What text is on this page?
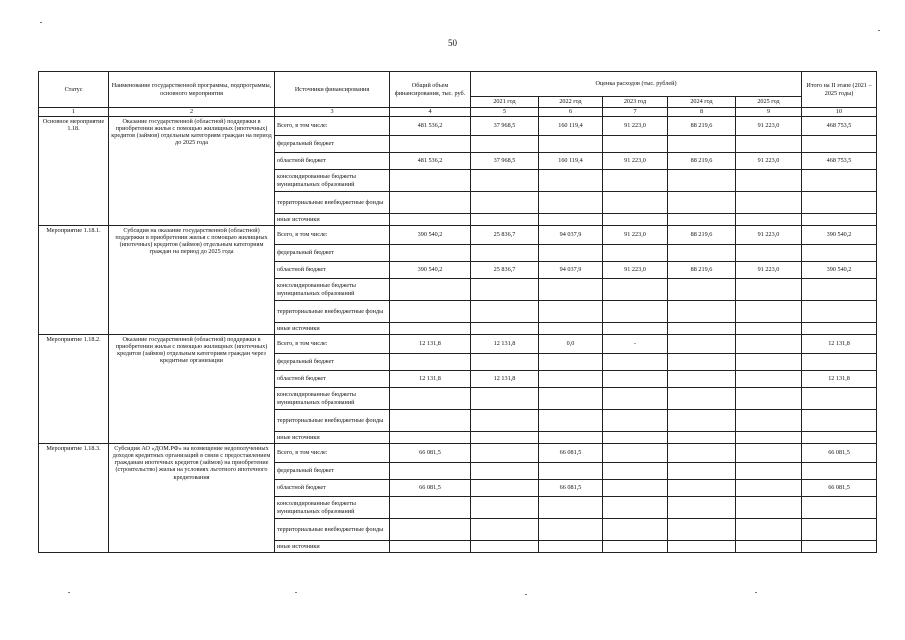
50
Статус	Наименование государственной программы, подпрограммы, основного мероприятия	Источники финансирования	Общий объем финансирования, тыс. руб.	Оценка расходов (тыс. рублей)					Итого на II этапе (2021 – 2025 годы)
				2021 год	2022 год	2023 год	2024 год	2025 год	
1	2	3	4	5	6	7	8	9	10
Основное мероприятие 1.18.	Оказание государственной (областной) поддержки в приобретении жилья с помощью жилищных (ипотечных) кредитов (займов) отдельным категориям граждан на период до 2025 года	Всего, в том числе:	481 536,2	37 968,5	160 119,4	91 223,0	88 219,6	91 223,0	468 753,5
		федеральный бюджет							
		областной бюджет	481 536,2	37 968,5	160 119,4	91 223,0	88 219,6	91 223,0	468 753,5
		консолидированные бюджеты муниципальных образований							
		территориальные внебюджетные фонды							
		иные источники							
Мероприятие 1.18.1.	Субсидия на оказание государственной (областной) поддержки в приобретении жилья с помощью жилищных (ипотечных) кредитов (займов) отдельным категориям граждан на период до 2025 года	Всего, в том числе:	390 540,2	25 836,7	94 037,9	91 223,0	88 219,6	91 223,0	390 540,2
		федеральный бюджет							
		областной бюджет	390 540,2	25 836,7	94 037,9	91 223,0	88 219,6	91 223,0	390 540,2
		консолидированные бюджеты муниципальных образований							
		территориальные внебюджетные фонды							
		иные источники							
Мероприятие 1.18.2.	Оказание государственной (областной) поддержки в приобретении жилья с помощью жилищных (ипотечных) кредитов (займов) отдельным категориям граждан через кредитные организации	Всего, в том числе:	12 131,8	12 131,8	0,0	-			12 131,8
		федеральный бюджет							
		областной бюджет	12 131,8	12 131,8					12 131,8
		консолидированные бюджеты муниципальных образований							
		территориальные внебюджетные фонды							
		иные источники							
Мероприятие 1.18.3.	Субсидия АО «ДОМ.РФ» на возмещение недополученных доходов кредитных организаций в связи с предоставлением гражданам ипотечных кредитов (займов) на приобретение (строительство) жилья на условиях льготного ипотечного кредитования	Всего, в том числе:	66 081,5		66 081,5				66 081,5
		федеральный бюджет							
		областной бюджет	66 081,5		66 081,5				66 081,5
		консолидированные бюджеты муниципальных образований							
		территориальные внебюджетные фонды							
		иные источники							
